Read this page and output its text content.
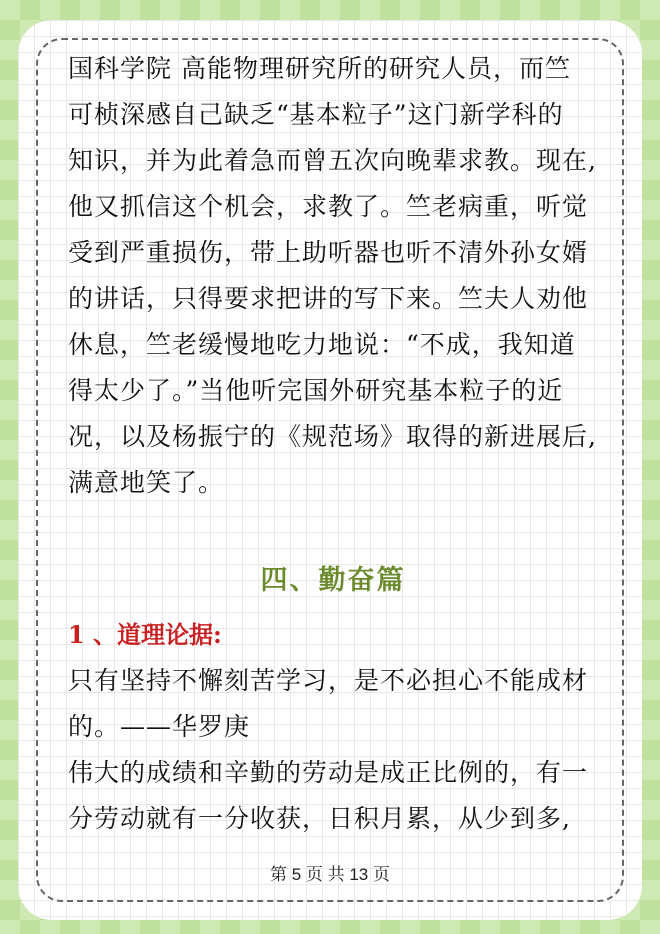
国科学院 高能物理研究所的研究人员，而竺
可桢深感自己缺乏“基本粒子”这门新学科的
知识，并为此着急而曾五次向晚辈求教。现在,
他又抓信这个机会，求教了。竺老病重，听觉
受到严重损伤，带上助听器也听不清外孙女婿
的讲话，只得要求把讲的写下来。竺夫人劝他
休息，竺老缓慢地吃力地说：“不成，我知道
得太少了。”当他听完国外研究基本粒子的近
况，以及杨振宁的《规范场》取得的新进展后,
满意地笑了。
四、勤奋篇
1 、道理论据:
只有坚持不懈刻苦学习，是不必担心不能成材
的。——华罗庚
伟大的成绩和辛勤的劳动是成正比例的，有一
分劳动就有一分收获，日积月累，从少到多,
第 5 页 共 13 页
